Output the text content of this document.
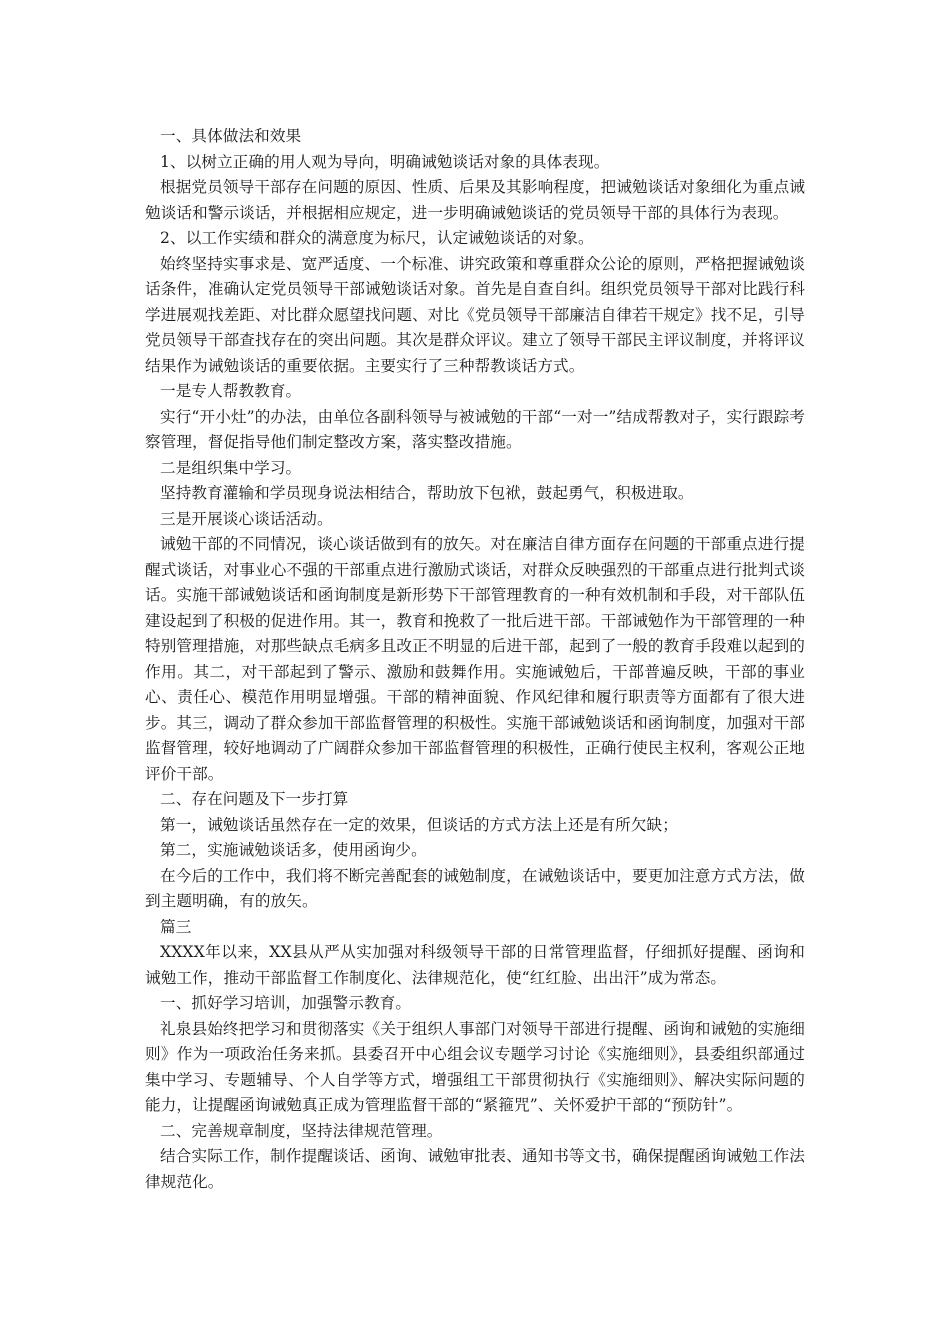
一、具体做法和效果

1、以树立正确的用人观为导向，明确诫勉谈话对象的具体表现。

根据党员领导干部存在问题的原因、性质、后果及其影响程度，把诫勉谈话对象细化为重点诫勉谈话和警示谈话，并根据相应规定，进一步明确诫勉谈话的党员领导干部的具体行为表现。

2、以工作实绩和群众的满意度为标尺，认定诫勉谈话的对象。

始终坚持实事求是、宽严适度、一个标准、讲究政策和尊重群众公论的原则，严格把握诫勉谈话条件，准确认定党员领导干部诫勉谈话对象。首先是自查自纠。组织党员领导干部对比践行科学进展观找差距、对比群众愿望找问题、对比《党员领导干部廉洁自律若干规定》找不足，引导党员领导干部查找存在的突出问题。其次是群众评议。建立了领导干部民主评议制度，并将评议结果作为诫勉谈话的重要依据。主要实行了三种帮教谈话方式。

一是专人帮教教育。

实行“开小灶”的办法，由单位各副科领导与被诫勉的干部“一对一”结成帮教对子，实行跟踪考察管理，督促指导他们制定整改方案，落实整改措施。

二是组织集中学习。

坚持教育灌输和学员现身说法相结合，帮助放下包袱，鼓起勇气，积极进取。

三是开展谈心谈话活动。

诫勉干部的不同情况，谈心谈话做到有的放矢。对在廉洁自律方面存在问题的干部重点进行提醒式谈话，对事业心不强的干部重点进行激励式谈话，对群众反映强烈的干部重点进行批判式谈话。实施干部诫勉谈话和函询制度是新形势下干部管理教育的一种有效机制和手段，对干部队伍建设起到了积极的促进作用。其一，教育和挽救了一批后进干部。干部诫勉作为干部管理的一种特别管理措施，对那些缺点毛病多且改正不明显的后进干部，起到了一般的教育手段难以起到的作用。其二，对干部起到了警示、激励和鼓舞作用。实施诫勉后，干部普遍反映，干部的事业心、责任心、模范作用明显增强。干部的精神面貌、作风纪律和履行职责等方面都有了很大进步。其三，调动了群众参加干部监督管理的积极性。实施干部诫勉谈话和函询制度，加强对干部监督管理，较好地调动了广阔群众参加干部监督管理的积极性，正确行使民主权利，客观公正地评价干部。

二、存在问题及下一步打算

第一，诫勉谈话虽然存在一定的效果，但谈话的方式方法上还是有所欠缺；

第二，实施诫勉谈话多，使用函询少。

在今后的工作中，我们将不断完善配套的诫勉制度，在诫勉谈话中，要更加注意方式方法，做到主题明确，有的放矢。

篇三

XXXX年以来，XX县从严从实加强对科级领导干部的日常管理监督，仔细抓好提醒、函询和诫勉工作，推动干部监督工作制度化、法律规范化，使“红红脸、出出汗”成为常态。

一、抓好学习培训，加强警示教育。

礼泉县始终把学习和贯彻落实《关于组织人事部门对领导干部进行提醒、函询和诫勉的实施细则》作为一项政治任务来抓。县委召开中心组会议专题学习讨论《实施细则》，县委组织部通过集中学习、专题辅导、个人自学等方式，增强组工干部贯彻执行《实施细则》、解决实际问题的能力，让提醒函询诫勉真正成为管理监督干部的“紧箍咒”、关怀爱护干部的“预防针”。

二、完善规章制度，坚持法律规范管理。

结合实际工作，制作提醒谈话、函询、诫勉审批表、通知书等文书，确保提醒函询诫勉工作法律规范化。
